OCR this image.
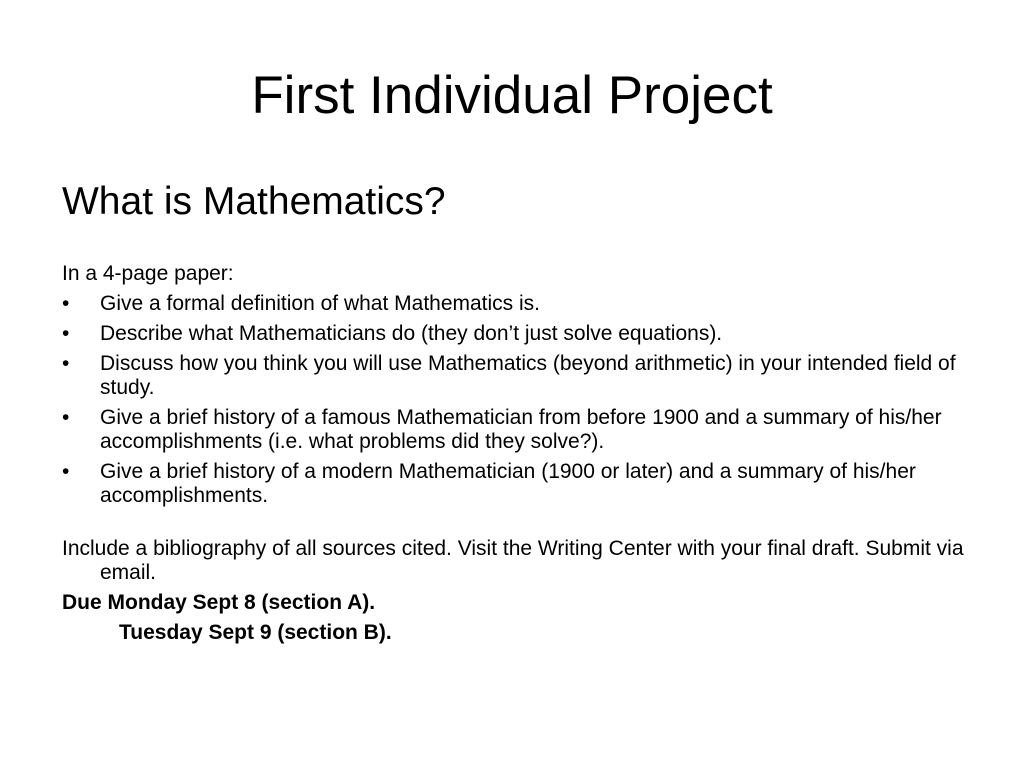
First Individual Project
What is Mathematics?

In a 4-page paper:

• Give a formal definition of what Mathematics is.
• Describe what Mathematicians do (they don’t just solve equations).
• Discuss how you think you will use Mathematics (beyond arithmetic) in your intended field of study.
• Give a brief history of a famous Mathematician from before 1900 and a summary of his/her accomplishments (i.e. what problems did they solve?).
• Give a brief history of a modern Mathematician (1900 or later) and a summary of his/her accomplishments.

Include a bibliography of all sources cited. Visit the Writing Center with your final draft. Submit via email.

Due Monday Sept 8 (section A).

Tuesday Sept 9 (section B).
